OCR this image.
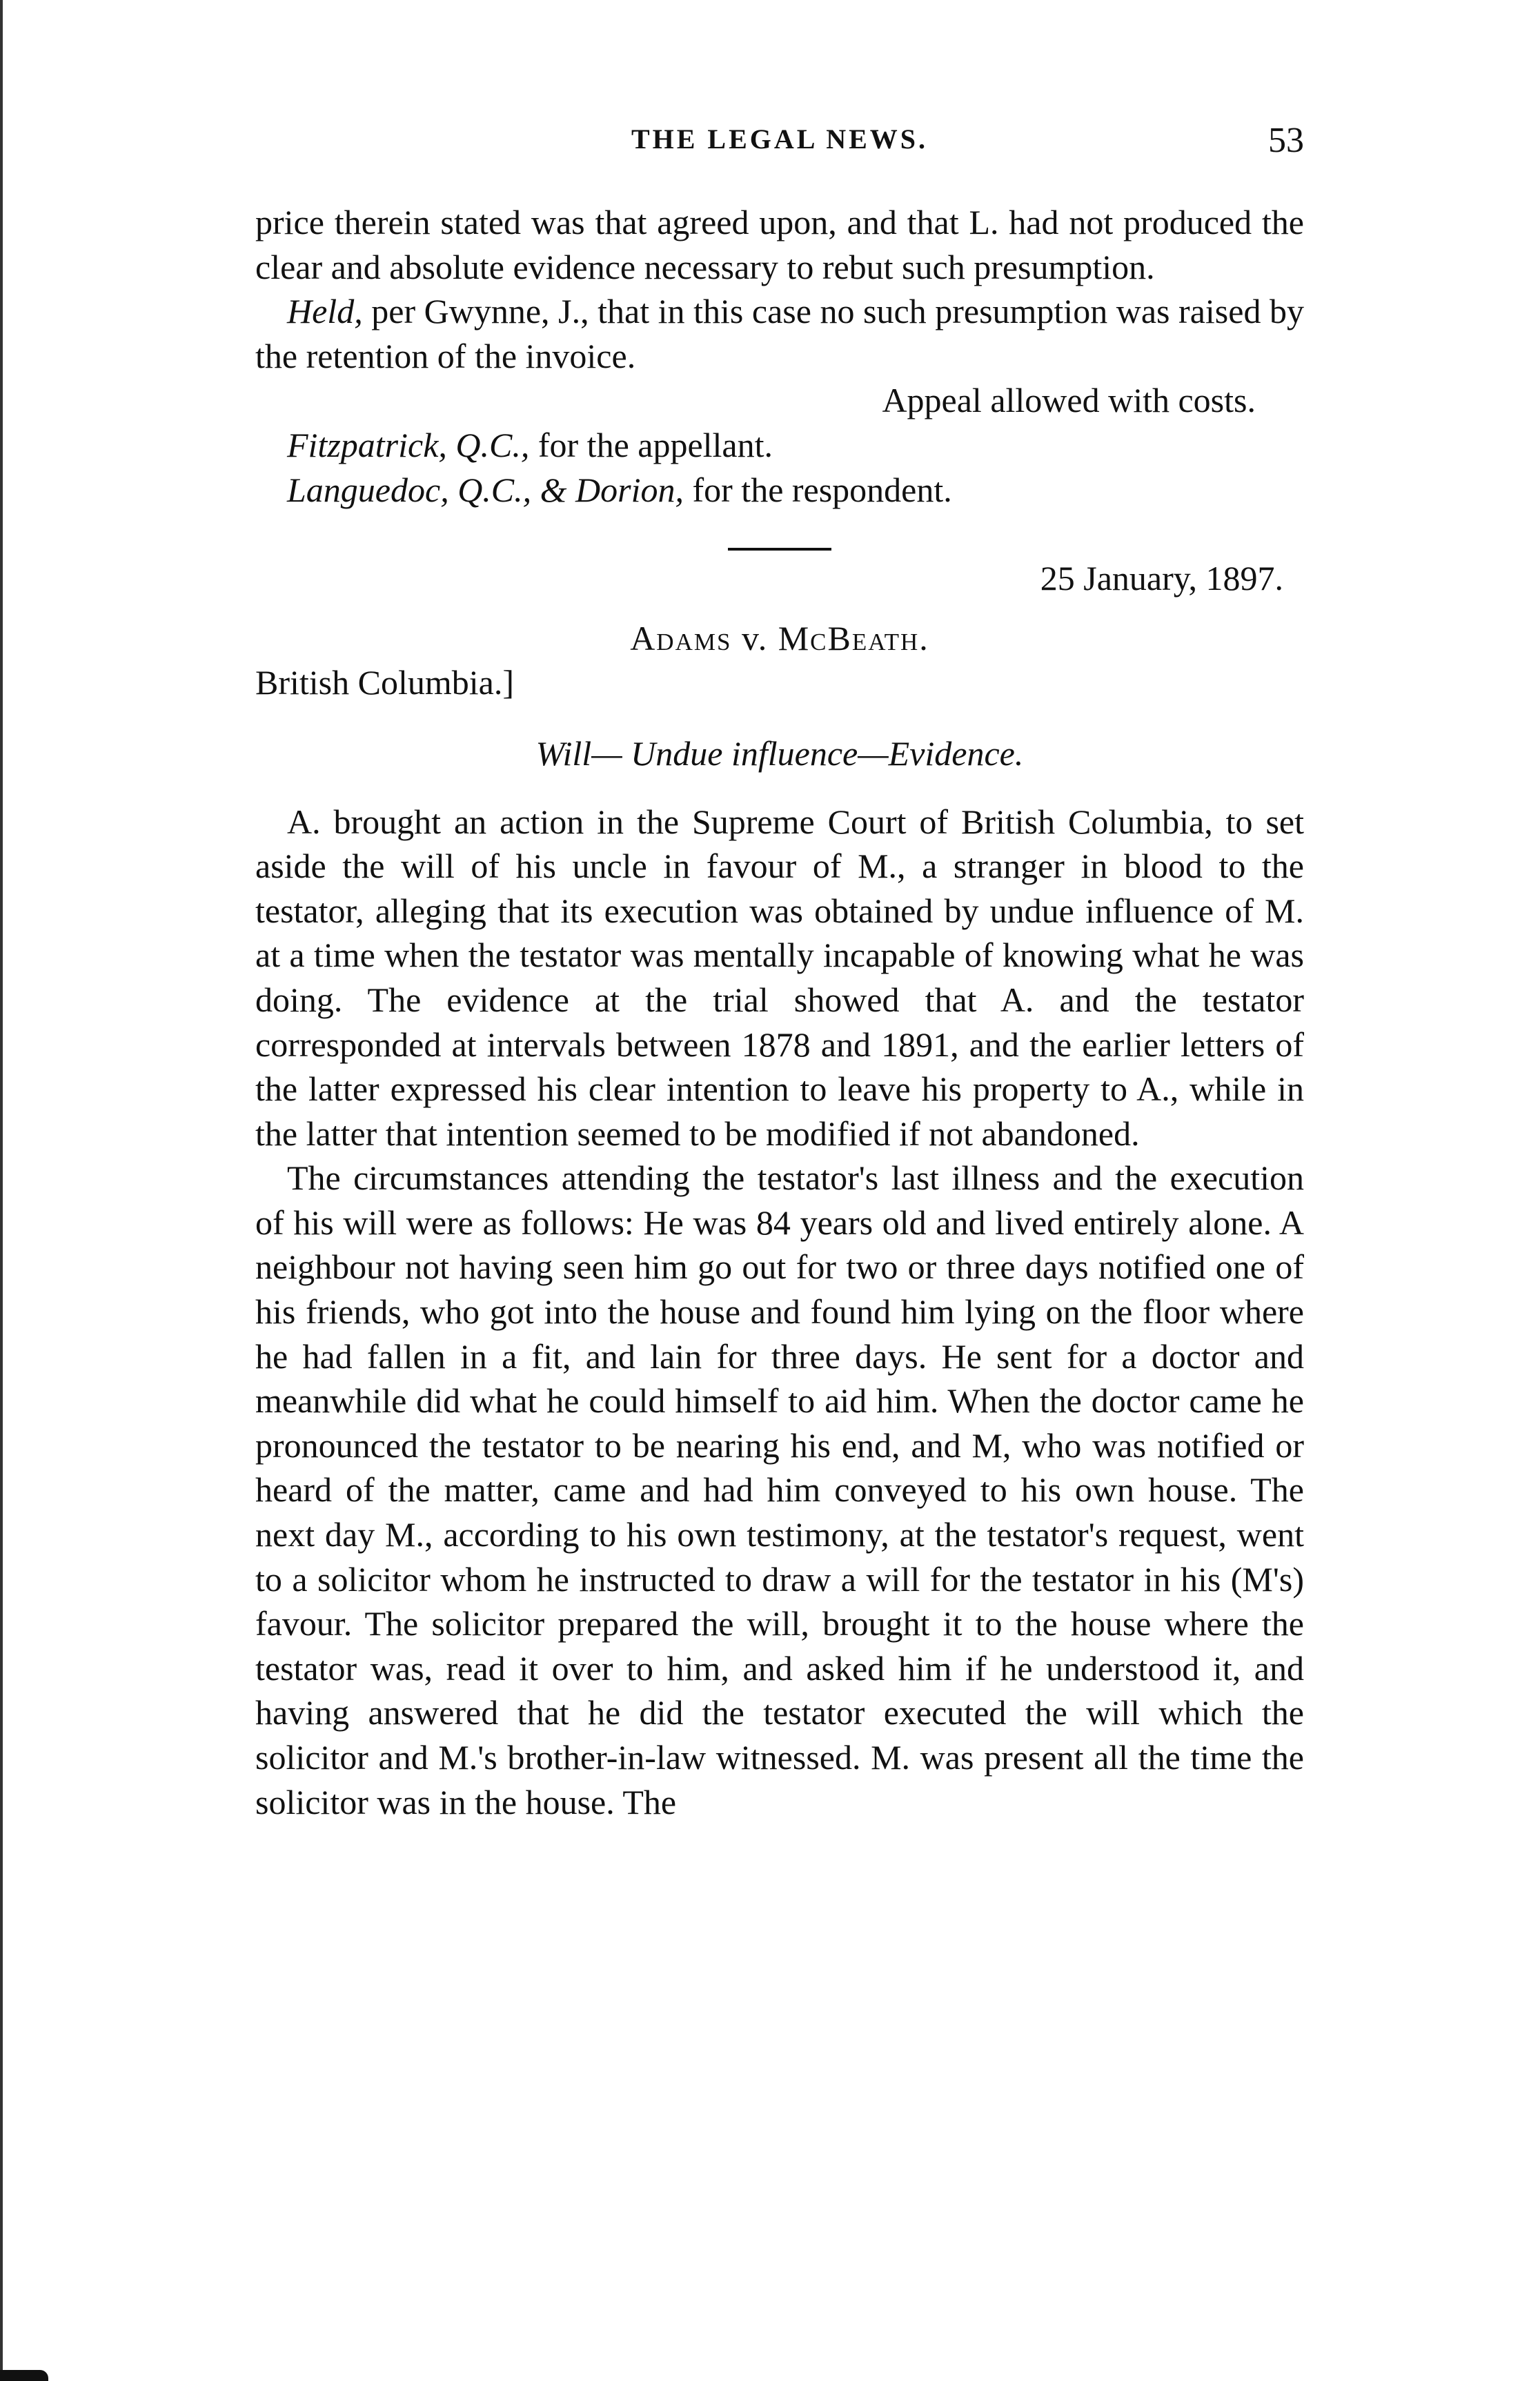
THE LEGAL NEWS.	53

price therein stated was that agreed upon, and that L. had not produced the clear and absolute evidence necessary to rebut such presumption.

Held, per Gwynne, J., that in this case no such presumption was raised by the retention of the invoice.

Appeal allowed with costs.

Fitzpatrick, Q.C., for the appellant.

Languedoc, Q.C., & Dorion, for the respondent.

25 January, 1897.

Adams v. McBeath.

British Columbia.]

Will— Undue influence—Evidence.

A. brought an action in the Supreme Court of British Columbia, to set aside the will of his uncle in favour of M., a stranger in blood to the testator, alleging that its execution was obtained by undue influence of M. at a time when the testator was mentally incapable of knowing what he was doing. The evidence at the trial showed that A. and the testator corresponded at intervals between 1878 and 1891, and the earlier letters of the latter expressed his clear intention to leave his property to A., while in the latter that intention seemed to be modified if not abandoned.

The circumstances attending the testator's last illness and the execution of his will were as follows: He was 84 years old and lived entirely alone. A neighbour not having seen him go out for two or three days notified one of his friends, who got into the house and found him lying on the floor where he had fallen in a fit, and lain for three days. He sent for a doctor and meanwhile did what he could himself to aid him. When the doctor came he pronounced the testator to be nearing his end, and M, who was notified or heard of the matter, came and had him conveyed to his own house. The next day M., according to his own testimony, at the testator's request, went to a solicitor whom he instructed to draw a will for the testator in his (M's) favour. The solicitor prepared the will, brought it to the house where the testator was, read it over to him, and asked him if he understood it, and having answered that he did the testator executed the will which the solicitor and M.'s brother-in-law witnessed. M. was present all the time the solicitor was in the house. The
